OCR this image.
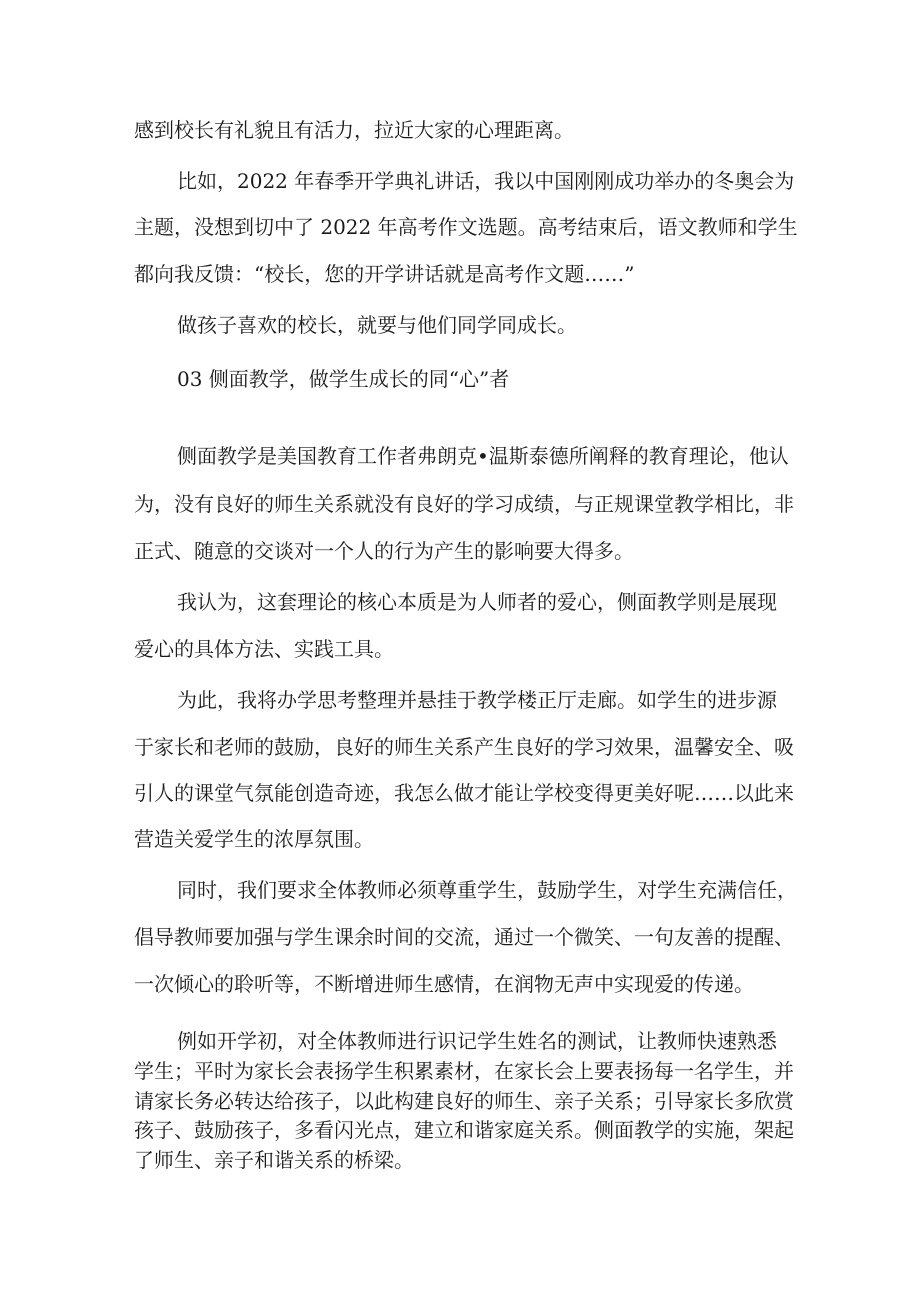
感到校长有礼貌且有活力，拉近大家的心理距离。

比如，2022 年春季开学典礼讲话，我以中国刚刚成功举办的冬奥会为

主题，没想到切中了 2022 年高考作文选题。高考结束后，语文教师和学生

都向我反馈：“校长，您的开学讲话就是高考作文题……”

做孩子喜欢的校长，就要与他们同学同成长。

03 侧面教学，做学生成长的同“心”者

侧面教学是美国教育工作者弗朗克•温斯泰德所阐释的教育理论，他认

为，没有良好的师生关系就没有良好的学习成绩，与正规课堂教学相比，非

正式、随意的交谈对一个人的行为产生的影响要大得多。

我认为，这套理论的核心本质是为人师者的爱心，侧面教学则是展现

爱心的具体方法、实践工具。

为此，我将办学思考整理并悬挂于教学楼正厅走廊。如学生的进步源

于家长和老师的鼓励，良好的师生关系产生良好的学习效果，温馨安全、吸

引人的课堂气氛能创造奇迹，我怎么做才能让学校变得更美好呢……以此来

营造关爱学生的浓厚氛围。

同时，我们要求全体教师必须尊重学生，鼓励学生，对学生充满信任，

倡导教师要加强与学生课余时间的交流，通过一个微笑、一句友善的提醒、

一次倾心的聆听等，不断增进师生感情，在润物无声中实现爱的传递。

例如开学初，对全体教师进行识记学生姓名的测试，让教师快速熟悉

学生；平时为家长会表扬学生积累素材，在家长会上要表扬每一名学生，并

请家长务必转达给孩子，以此构建良好的师生、亲子关系；引导家长多欣赏

孩子、鼓励孩子，多看闪光点，建立和谐家庭关系。侧面教学的实施，架起

了师生、亲子和谐关系的桥梁。
